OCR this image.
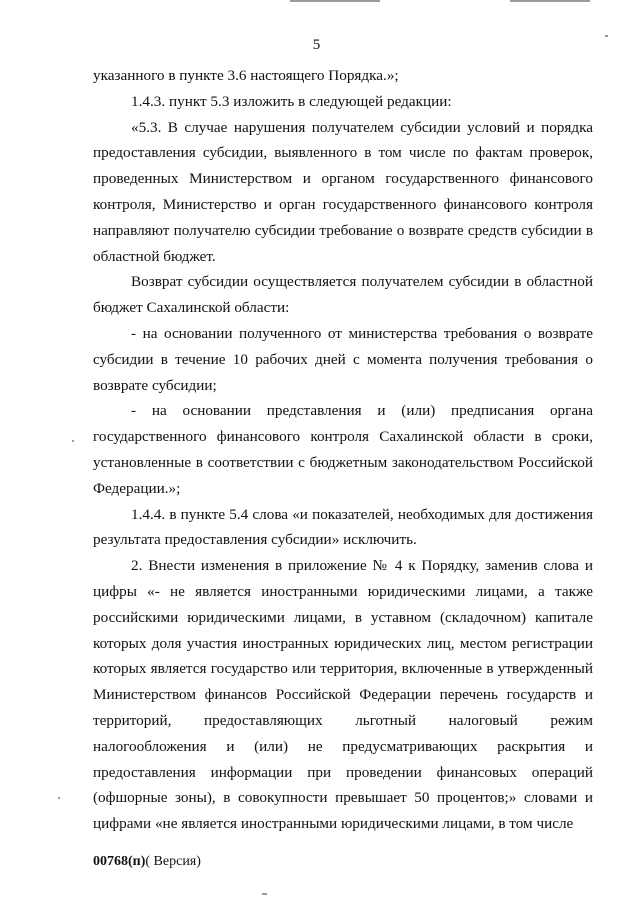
5

указанного в пункте 3.6 настоящего Порядка.»;

1.4.3. пункт 5.3 изложить в следующей редакции:

«5.3. В случае нарушения получателем субсидии условий и порядка предоставления субсидии, выявленного в том числе по фактам проверок, проведенных Министерством и органом государственного финансового контроля, Министерство и орган государственного финансового контроля направляют получателю субсидии требование о возврате средств субсидии в областной бюджет.

Возврат субсидии осуществляется получателем субсидии в областной бюджет Сахалинской области:

- на основании полученного от министерства требования о возврате субсидии в течение 10 рабочих дней с момента получения требования о возврате субсидии;

- на основании представления и (или) предписания органа государственного финансового контроля Сахалинской области в сроки, установленные в соответствии с бюджетным законодательством Российской Федерации.»;

1.4.4. в пункте 5.4 слова «и показателей, необходимых для достижения результата предоставления субсидии» исключить.

2. Внести изменения в приложение № 4 к Порядку, заменив слова и цифры «- не является иностранными юридическими лицами, а также российскими юридическими лицами, в уставном (складочном) капитале которых доля участия иностранных юридических лиц, местом регистрации которых является государство или территория, включенные в утвержденный Министерством финансов Российской Федерации перечень государств и территорий, предоставляющих льготный налоговый режим налогообложения и (или) не предусматривающих раскрытия и предоставления информации при проведении финансовых операций (офшорные зоны), в совокупности превышает 50 процентов;» словами и цифрами «не является иностранными юридическими лицами, в том числе

00768(п)( Версия)
